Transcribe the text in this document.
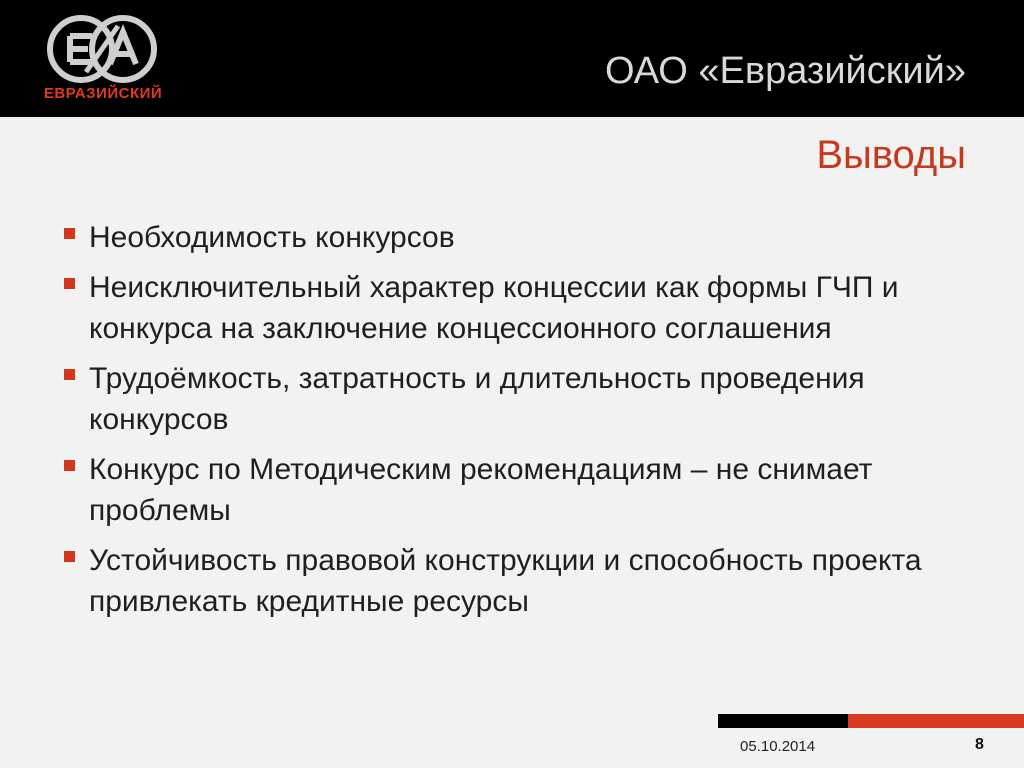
ЕВРАЗИЙСКИЙ
ОАО «Евразийский»
Выводы
Необходимость конкурсов
Неисключительный характер концессии как формы ГЧП и конкурса на заключение концессионного соглашения
Трудоёмкость, затратность и длительность проведения конкурсов
Конкурс по Методическим рекомендациям – не снимает проблемы
Устойчивость правовой конструкции и способность проекта привлекать кредитные ресурсы
05.10.2014	8
